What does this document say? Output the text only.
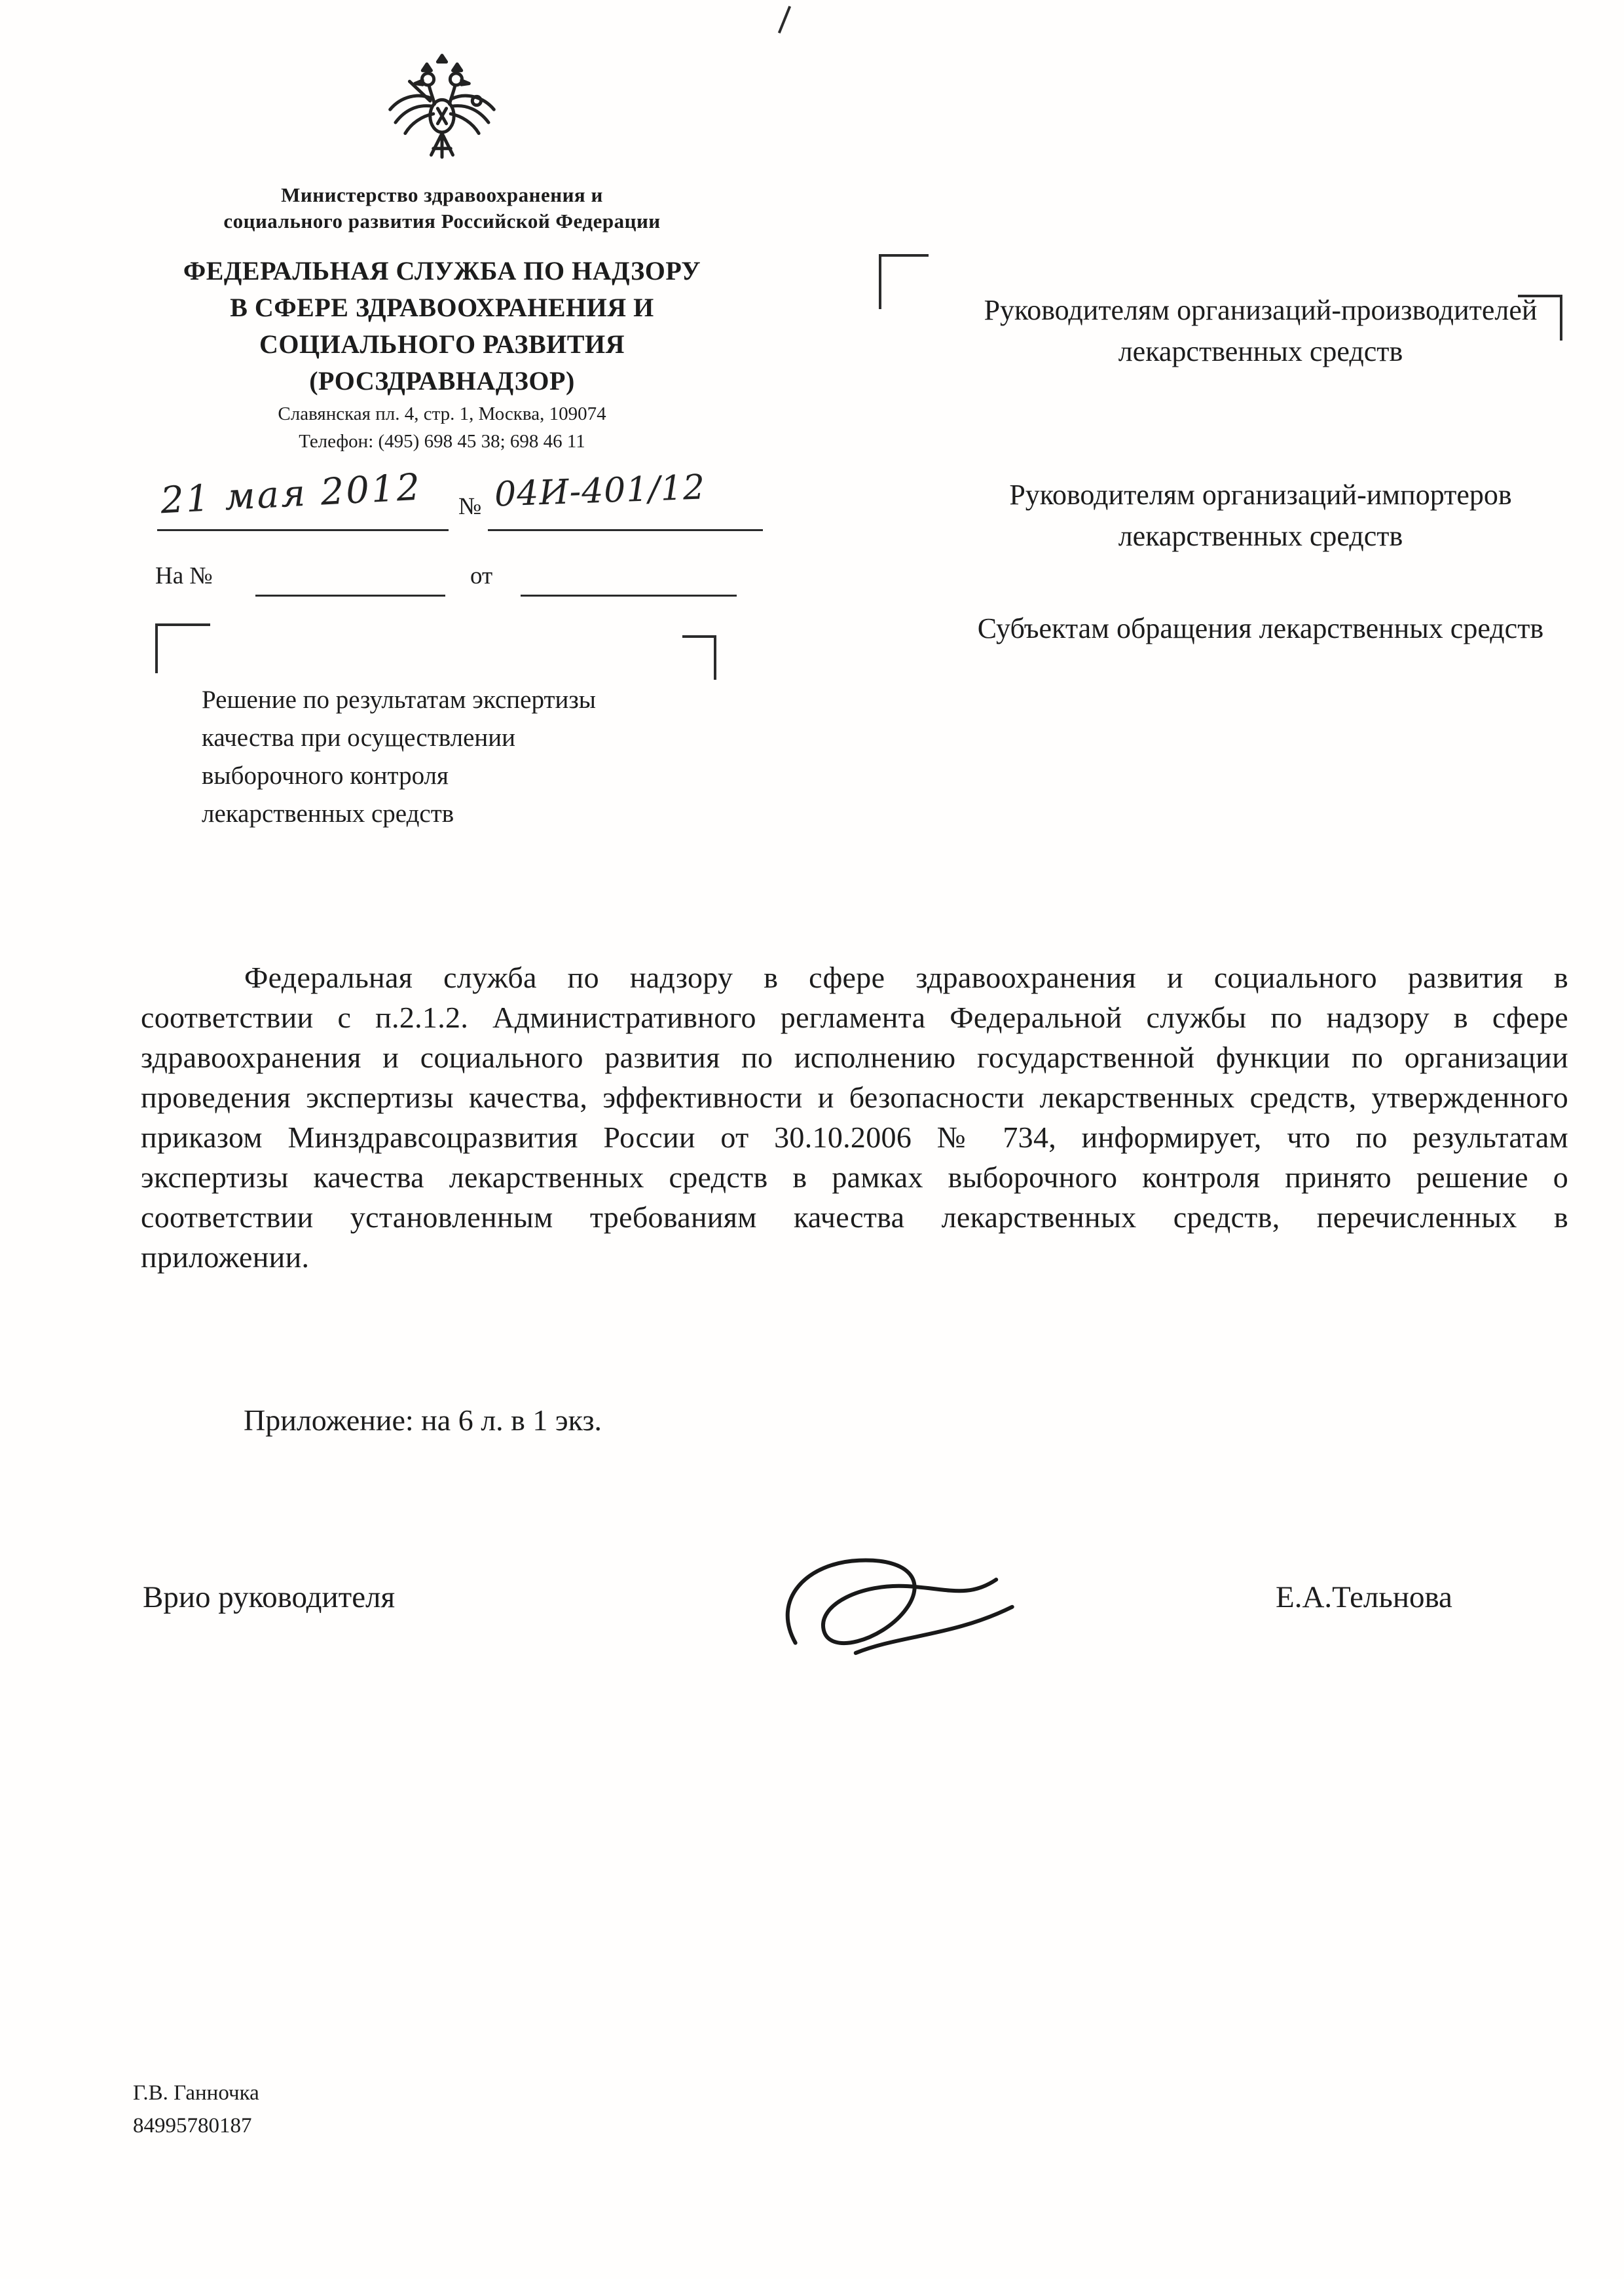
Министерство здравоохранения и
социального развития Российской Федерации
ФЕДЕРАЛЬНАЯ СЛУЖБА ПО НАДЗОРУ
В СФЕРЕ ЗДРАВООХРАНЕНИЯ И
СОЦИАЛЬНОГО РАЗВИТИЯ
(РОСЗДРАВНАДЗОР)
Славянская пл. 4, стр. 1, Москва, 109074
Телефон: (495) 698 45 38; 698 46 11
21 мая 2012 № 04И-401/12
На №	от
Решение по результатам экспертизы
качества при осуществлении
выборочного контроля
лекарственных средств
Руководителям организаций-производителей лекарственных средств
Руководителям организаций-импортеров лекарственных средств
Субъектам обращения лекарственных средств
Федеральная служба по надзору в сфере здравоохранения и социального развития в соответствии с п.2.1.2. Административного регламента Федеральной службы по надзору в сфере здравоохранения и социального развития по исполнению государственной функции по организации проведения экспертизы качества, эффективности и безопасности лекарственных средств, утвержденного приказом Минздравсоцразвития России от 30.10.2006 № 734, информирует, что по результатам экспертизы качества лекарственных средств в рамках выборочного контроля принято решение о соответствии установленным требованиям качества лекарственных средств, перечисленных в приложении.
Приложение: на 6 л. в 1 экз.
Врио руководителя	Е.А.Тельнова
Г.В. Ганночка
84995780187
